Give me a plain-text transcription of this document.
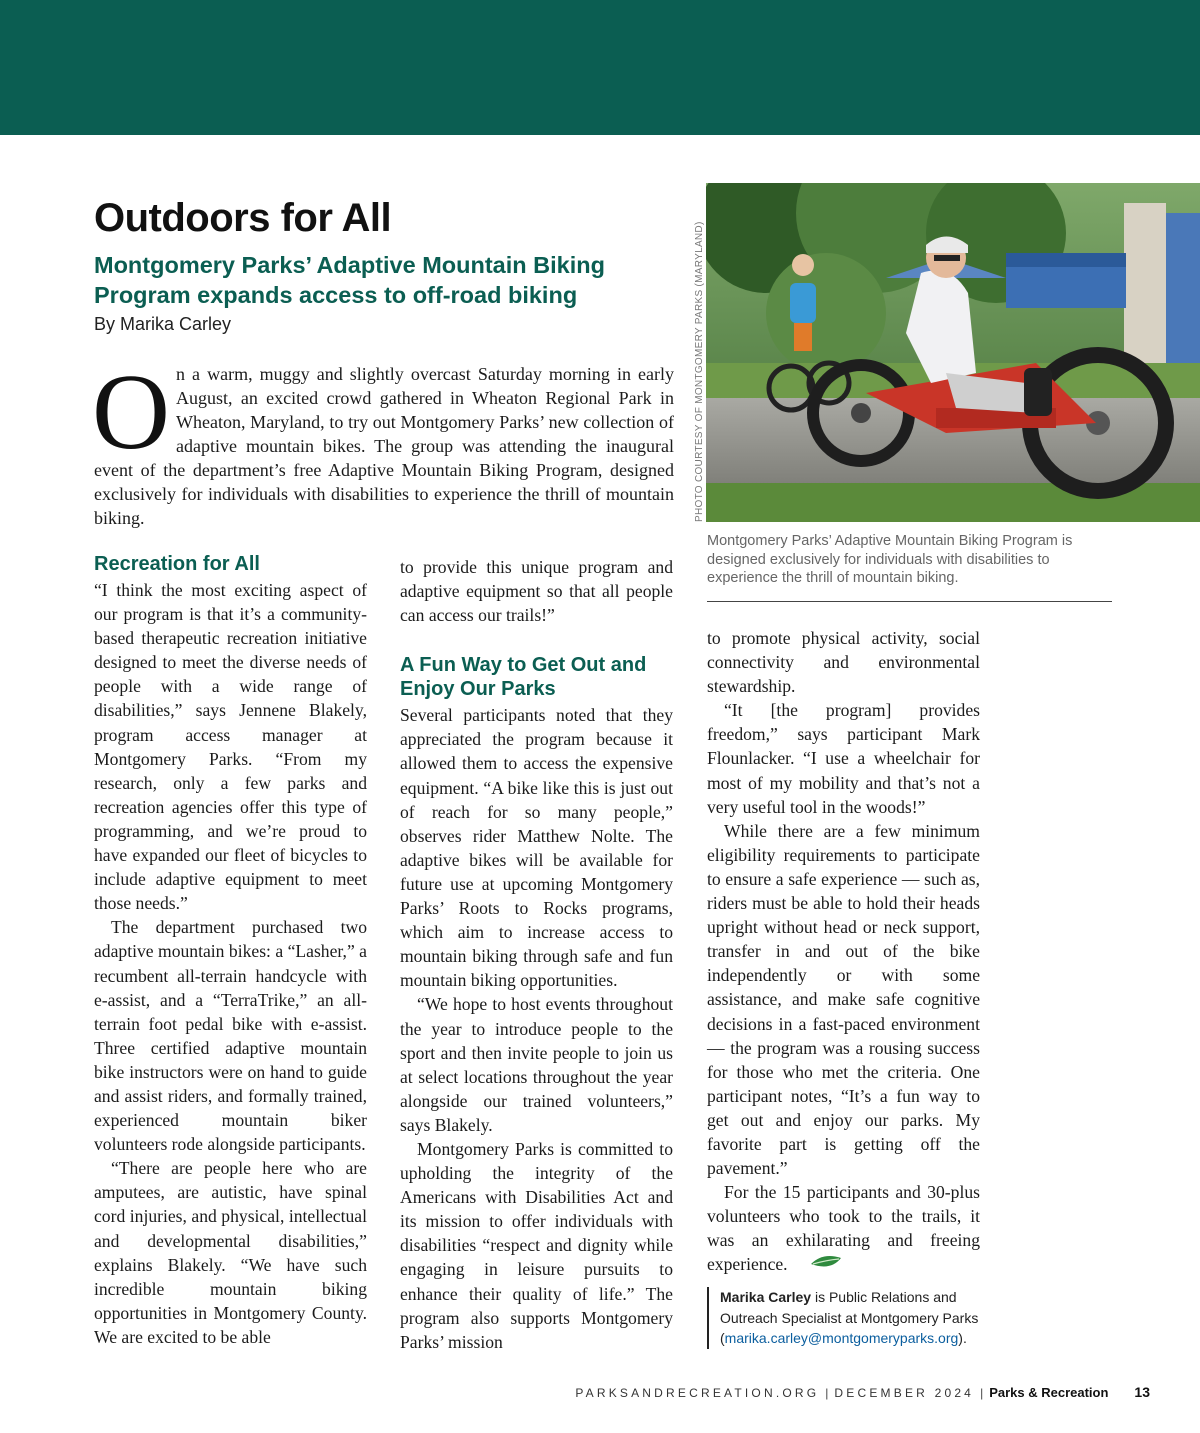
Outdoors for All
Montgomery Parks’ Adaptive Mountain Biking Program expands access to off-road biking
By Marika Carley

On a warm, muggy and slightly overcast Saturday morning in early August, an excited crowd gathered in Wheaton Regional Park in Wheaton, Maryland, to try out Montgomery Parks’ new collection of adaptive mountain bikes. The group was attending the inaugural event of the department’s free Adaptive Mountain Biking Program, designed exclusively for individuals with disabilities to experience the thrill of mountain biking.

Recreation for All

“I think the most exciting aspect of our program is that it’s a community-based therapeutic recreation initiative designed to meet the diverse needs of people with a wide range of disabilities,” says Jennene Blakely, program access manager at Montgomery Parks. “From my research, only a few parks and recreation agencies offer this type of programming, and we’re proud to have expanded our fleet of bicycles to include adaptive equipment to meet those needs.”

The department purchased two adaptive mountain bikes: a “Lasher,” a recumbent all-terrain handcycle with e-assist, and a “TerraTrike,” an all-terrain foot pedal bike with e-assist. Three certified adaptive mountain bike instructors were on hand to guide and assist riders, and formally trained, experienced mountain biker volunteers rode alongside participants.

“There are people here who are amputees, are autistic, have spinal cord injuries, and physical, intellectual and developmental disabilities,” explains Blakely. “We have such incredible mountain biking opportunities in Montgomery County. We are excited to be able

to provide this unique program and adaptive equipment so that all people can access our trails!”

A Fun Way to Get Out and Enjoy Our Parks

Several participants noted that they appreciated the program because it allowed them to access the expensive equipment. “A bike like this is just out of reach for so many people,” observes rider Matthew Nolte. The adaptive bikes will be available for future use at upcoming Montgomery Parks’ Roots to Rocks programs, which aim to increase access to mountain biking through safe and fun mountain biking opportunities.

“We hope to host events throughout the year to introduce people to the sport and then invite people to join us at select locations throughout the year alongside our trained volunteers,” says Blakely.

Montgomery Parks is committed to upholding the integrity of the Americans with Disabilities Act and its mission to offer individuals with disabilities “respect and dignity while engaging in leisure pursuits to enhance their quality of life.” The program also supports Montgomery Parks’ mission

PHOTO COURTESY OF MONTGOMERY PARKS (MARYLAND)

Montgomery Parks’ Adaptive Mountain Biking Program is designed exclusively for individuals with disabilities to experience the thrill of mountain biking.

to promote physical activity, social connectivity and environmental stewardship.

“It [the program] provides freedom,” says participant Mark Flounlacker. “I use a wheelchair for most of my mobility and that’s not a very useful tool in the woods!”

While there are a few minimum eligibility requirements to participate to ensure a safe experience — such as, riders must be able to hold their heads upright without head or neck support, transfer in and out of the bike independently or with some assistance, and make safe cognitive decisions in a fast-paced environment — the program was a rousing success for those who met the criteria. One participant notes, “It’s a fun way to get out and enjoy our parks. My favorite part is getting off the pavement.”

For the 15 participants and 30-plus volunteers who took to the trails, it was an exhilarating and freeing experience.

Marika Carley is Public Relations and Outreach Specialist at Montgomery Parks (marika.carley@montgomeryparks.org).

PARKSANDRECREATION.ORG | DECEMBER 2024 | Parks & Recreation 13
